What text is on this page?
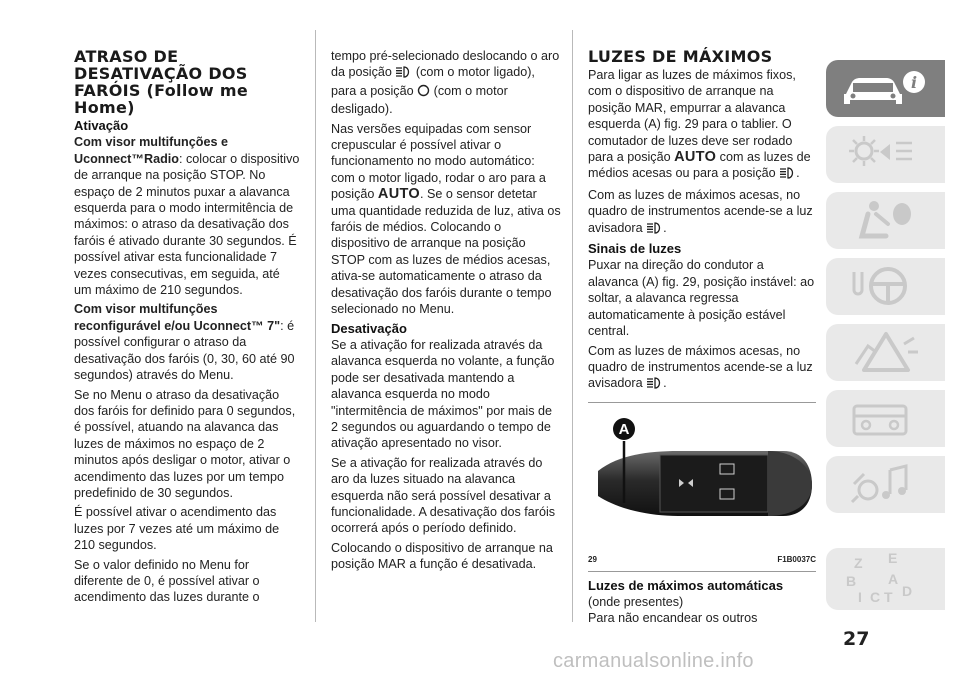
ATRASO DE DESATIVAÇÃO DOS FARÓIS (Follow me Home)
Ativação

Com visor multifunções e Uconnect™Radio: colocar o dispositivo de arranque na posição STOP. No espaço de 2 minutos puxar a alavanca esquerda para o modo intermitência de máximos: o atraso da desativação dos faróis é ativado durante 30 segundos. É possível ativar esta funcionalidade 7 vezes consecutivas, em seguida, até um máximo de 210 segundos.

Com visor multifunções reconfigurável e/ou Uconnect™ 7": é possível configurar o atraso da desativação dos faróis (0, 30, 60 até 90 segundos) através do Menu.

Se no Menu o atraso da desativação dos faróis for definido para 0 segundos, é possível, atuando na alavanca das luzes de máximos no espaço de 2 minutos após desligar o motor, ativar o acendimento das luzes por um tempo predefinido de 30 segundos.

É possível ativar o acendimento das luzes por 7 vezes até um máximo de 210 segundos.

Se o valor definido no Menu for diferente de 0, é possível ativar o acendimento das luzes durante o

tempo pré-selecionado deslocando o aro da posição (com o motor ligado), para a posição (com o motor desligado).

Nas versões equipadas com sensor crepuscular é possível ativar o funcionamento no modo automático: com o motor ligado, rodar o aro para a posição AUTO. Se o sensor detetar uma quantidade reduzida de luz, ativa os faróis de médios. Colocando o dispositivo de arranque na posição STOP com as luzes de médios acesas, ativa-se automaticamente o atraso da desativação dos faróis durante o tempo selecionado no Menu.

Desativação

Se a ativação for realizada através da alavanca esquerda no volante, a função pode ser desativada mantendo a alavanca esquerda no modo "intermitência de máximos" por mais de 2 segundos ou aguardando o tempo de ativação apresentado no visor.

Se a ativação for realizada através do aro da luzes situado na alavanca esquerda não será possível desativar a funcionalidade. A desativação dos faróis ocorrerá após o período definido.

Colocando o dispositivo de arranque na posição MAR a função é desativada.

LUZES DE MÁXIMOS

Para ligar as luzes de máximos fixos, com o dispositivo de arranque na posição MAR, empurrar a alavanca esquerda (A) fig. 29 para o tablier. O comutador de luzes deve ser rodado para a posição AUTO com as luzes de médios acesas ou para a posição .

Com as luzes de máximos acesas, no quadro de instrumentos acende-se a luz avisadora .

Sinais de luzes

Puxar na direção do condutor a alavanca (A) fig. 29, posição instável: ao soltar, a alavanca regressa automaticamente à posição estável central.

Com as luzes de máximos acesas, no quadro de instrumentos acende-se a luz avisadora .

A
29	F1B0037C
Luzes de máximos automáticas

(onde presentes)

Para não encandear os outros

i
Z E
B A
I C T D
27
carmanualsonline.info
